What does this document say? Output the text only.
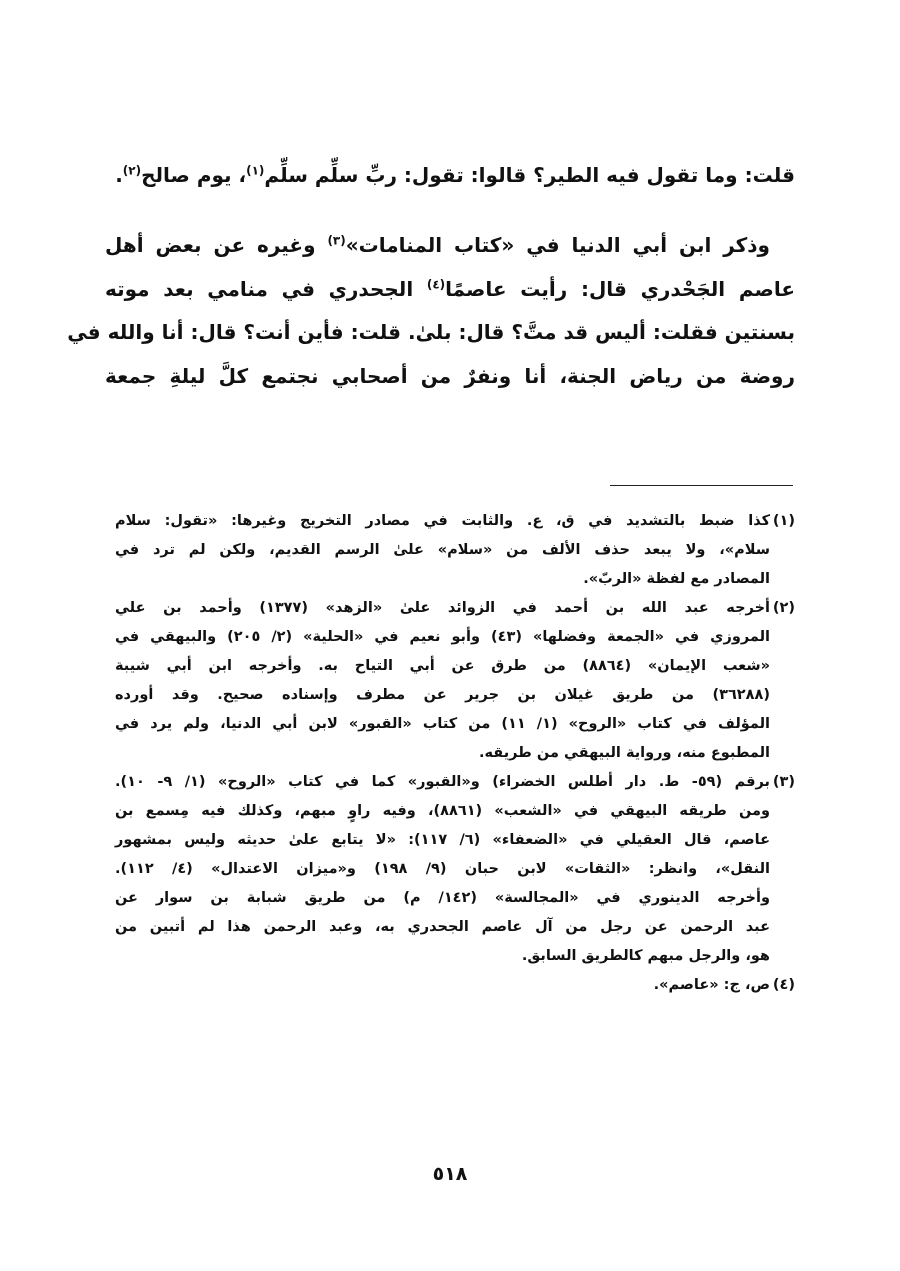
قلت: وما تقول فيه الطير؟ قالوا: تقول: ربِّ سلِّم سلِّم$^{(١)}$، يوم صالح$^{(٢)}$.
وذكر ابن أبي الدنيا في «كتاب المنامات»$^{(٣)}$ وغيره عن بعض أهل
عاصم الجَحْدري قال: رأيت عاصمًا$^{(٤)}$ الجحدري في منامي بعد موته
بسنتين فقلت: أليس قد متَّ؟ قال: بلىٰ. قلت: فأين أنت؟ قال: أنا والله في
روضة من رياض الجنة، أنا ونفرٌ من أصحابي نجتمع كلَّ ليلةِ جمعة
(١)
كذا ضبط بالتشديد في ق، ع. والثابت في مصادر التخريج وغيرها: «تقول: سلام
سلام»، ولا يبعد حذف الألف من «سلام» علىٰ الرسم القديم، ولكن لم ترد في
المصادر مع لفظة «الربّ».
(٢)
أخرجه عبد الله بن أحمد في الزوائد علىٰ «الزهد» (١٣٧٧) وأحمد بن علي
المروزي في «الجمعة وفضلها» (٤٣) وأبو نعيم في «الحلية» (٢/ ٢٠٥) والبيهقي في
«شعب الإيمان» (٨٨٦٤) من طرق عن أبي التياح به. وأخرجه ابن أبي شيبة
(٣٦٢٨٨) من طريق غيلان بن جرير عن مطرف وإسناده صحيح. وقد أورده
المؤلف في كتاب «الروح» (١/ ١١) من كتاب «القبور» لابن أبي الدنيا، ولم يرد في
المطبوع منه، ورواية البيهقي من طريقه.
(٣)
برقم (٥٩- ط. دار أطلس الخضراء) و«القبور» كما في كتاب «الروح» (١/ ٩- ١٠).
ومن طريقه البيهقي في «الشعب» (٨٨٦١)، وفيه راوٍ مبهم، وكذلك فيه مِسمع بن
عاصم، قال العقيلي في «الضعفاء» (٦/ ١١٧): «لا يتابع علىٰ حديثه وليس بمشهور
النقل»، وانظر: «الثقات» لابن حبان (٩/ ١٩٨) و«ميزان الاعتدال» (٤/ ١١٢).
وأخرجه الدينوري في «المجالسة» (١٤٢/ م) من طريق شبابة بن سوار عن
عبد الرحمن عن رجل من آل عاصم الجحدري به، وعبد الرحمن هذا لم أتبين من
هو، والرجل مبهم كالطريق السابق.
(٤)
ص، ج: «عاصم».
٥١٨
